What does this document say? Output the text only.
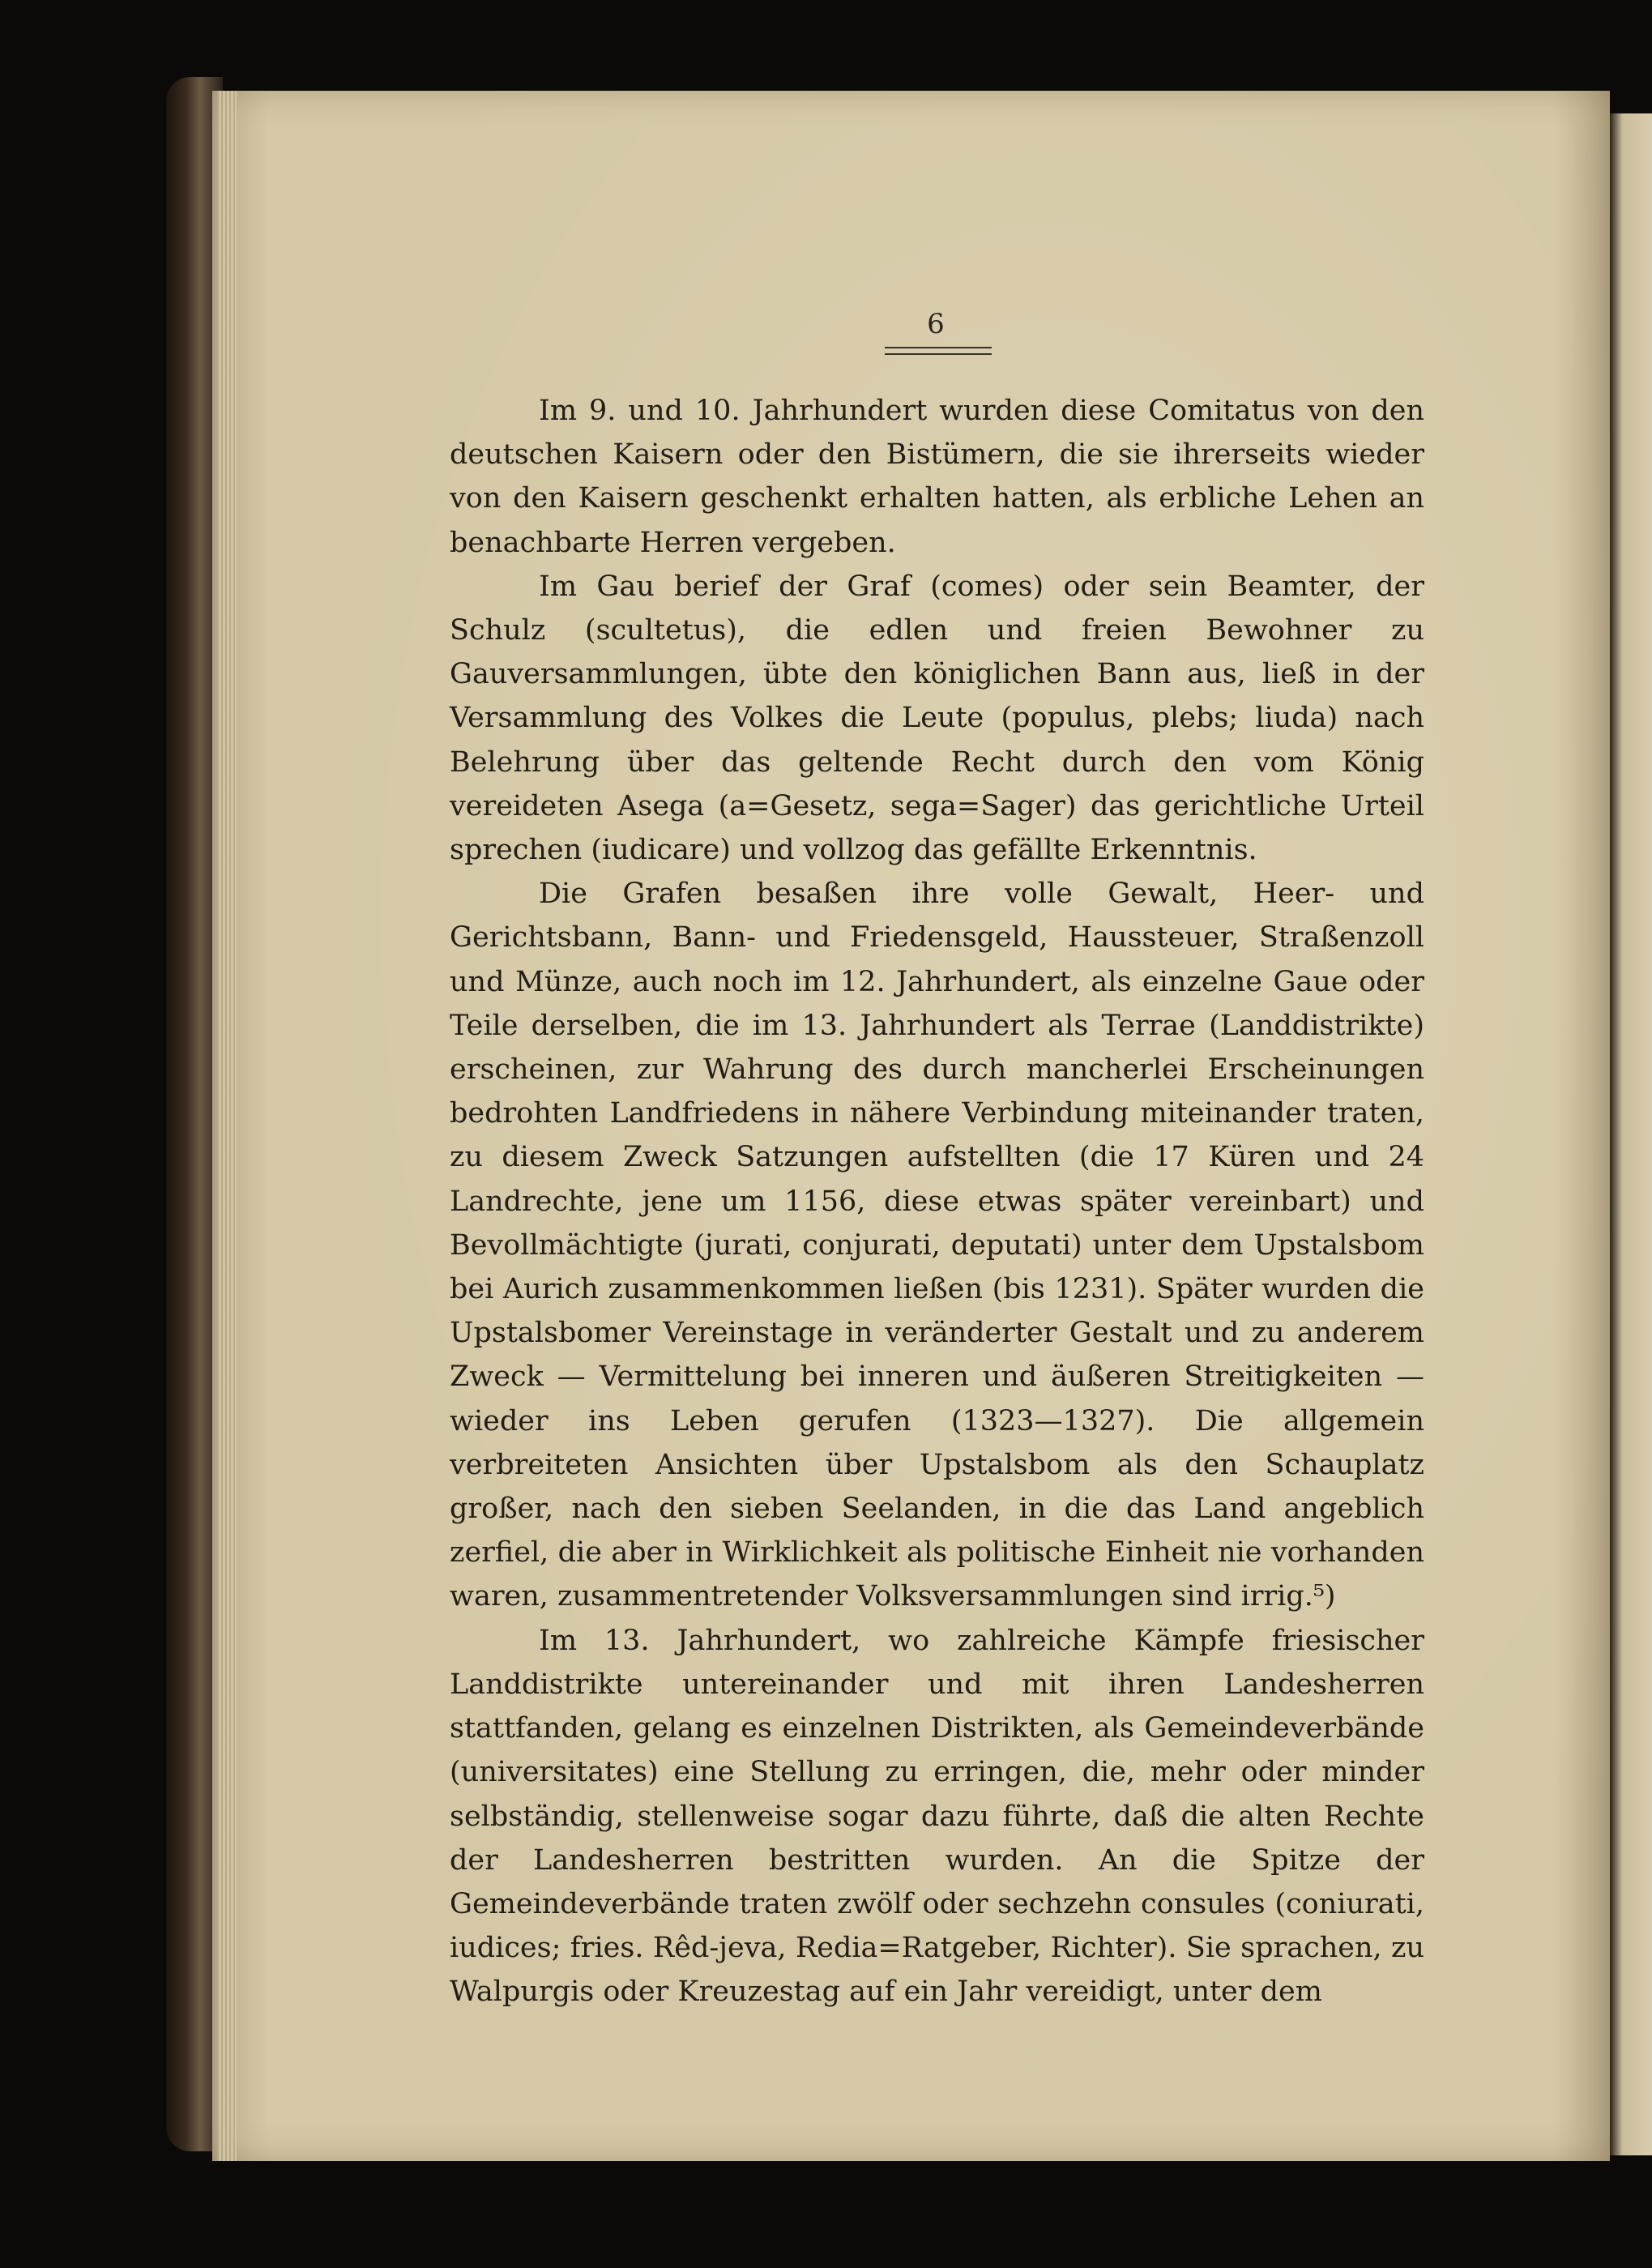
6

Im 9. und 10. Jahrhundert wurden diese Comitatus von den deutschen Kaisern oder den Bistümern, die sie ihrerseits wieder von den Kaisern geschenkt erhalten hatten, als erbliche Lehen an benachbarte Herren vergeben.

Im Gau berief der Graf (comes) oder sein Beamter, der Schulz (scultetus), die edlen und freien Bewohner zu Gauversammlungen, übte den königlichen Bann aus, ließ in der Versammlung des Volkes die Leute (populus, plebs; liuda) nach Belehrung über das geltende Recht durch den vom König vereideten Asega (a=Gesetz, sega=Sager) das gerichtliche Urteil sprechen (iudicare) und vollzog das gefällte Erkenntnis.

Die Grafen besaßen ihre volle Gewalt, Heer- und Gerichtsbann, Bann- und Friedensgeld, Haussteuer, Straßenzoll und Münze, auch noch im 12. Jahrhundert, als einzelne Gaue oder Teile derselben, die im 13. Jahrhundert als Terrae (Landdistrikte) erscheinen, zur Wahrung des durch mancherlei Erscheinungen bedrohten Landfriedens in nähere Verbindung miteinander traten, zu diesem Zweck Satzungen aufstellten (die 17 Küren und 24 Landrechte, jene um 1156, diese etwas später vereinbart) und Bevollmächtigte (jurati, conjurati, deputati) unter dem Upstalsbom bei Aurich zusammenkommen ließen (bis 1231). Später wurden die Upstalsbomer Vereinstage in veränderter Gestalt und zu anderem Zweck — Vermittelung bei inneren und äußeren Streitigkeiten — wieder ins Leben gerufen (1323—1327). Die allgemein verbreiteten Ansichten über Upstalsbom als den Schauplatz großer, nach den sieben Seelanden, in die das Land angeblich zerfiel, die aber in Wirklichkeit als politische Einheit nie vorhanden waren, zusammentretender Volksversammlungen sind irrig.⁵)

Im 13. Jahrhundert, wo zahlreiche Kämpfe friesischer Landdistrikte untereinander und mit ihren Landesherren stattfanden, gelang es einzelnen Distrikten, als Gemeindeverbände (universitates) eine Stellung zu erringen, die, mehr oder minder selbständig, stellenweise sogar dazu führte, daß die alten Rechte der Landesherren bestritten wurden. An die Spitze der Gemeindeverbände traten zwölf oder sechzehn consules (coniurati, iudices; fries. Rêd-jeva, Redia=Ratgeber, Richter). Sie sprachen, zu Walpurgis oder Kreuzestag auf ein Jahr vereidigt, unter dem
